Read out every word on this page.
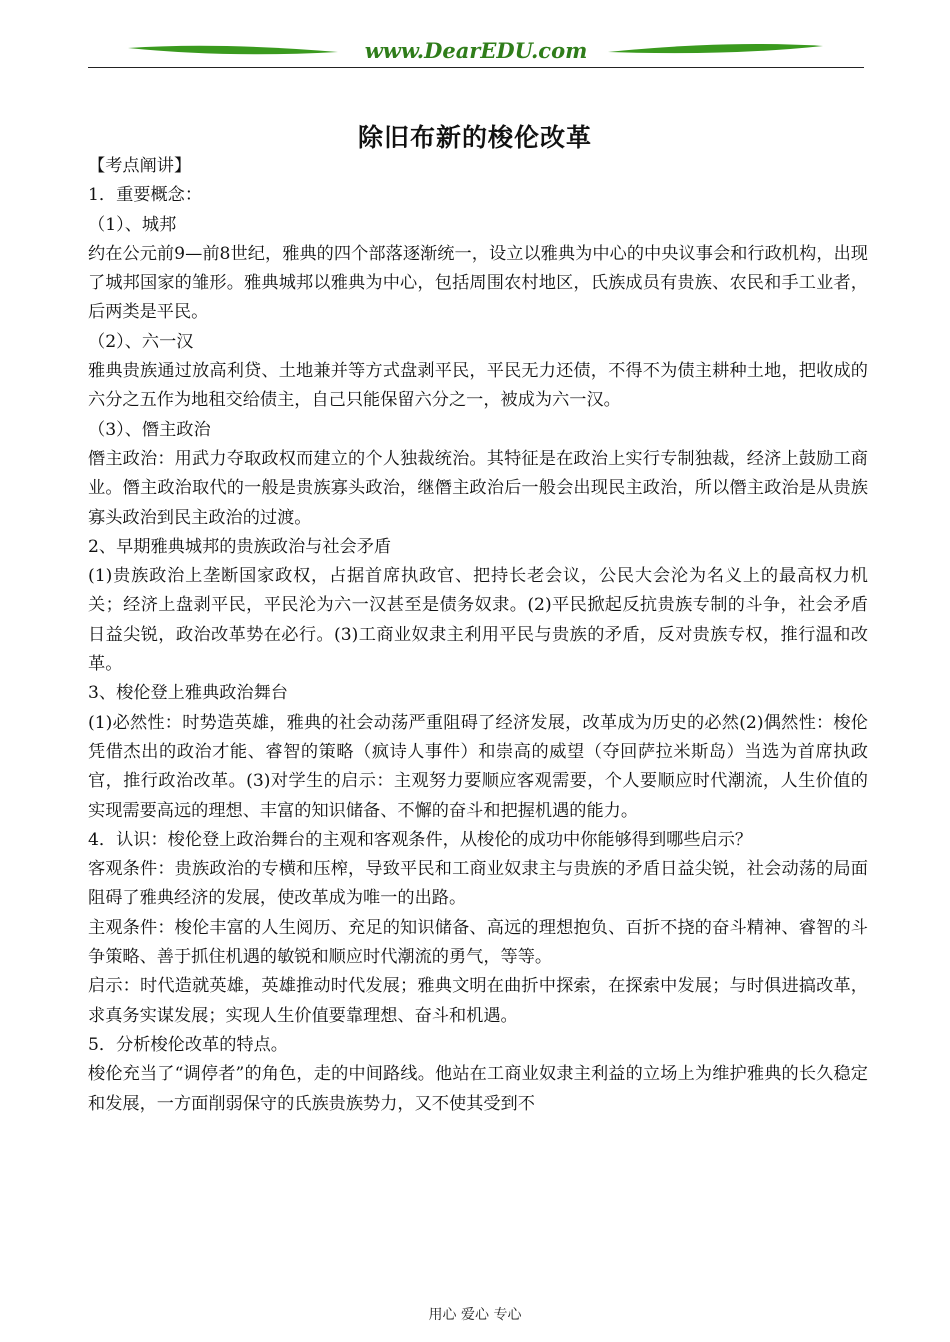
www.DearEDU.com
除旧布新的梭伦改革

【考点阐讲】

1．重要概念：

（1）、城邦

约在公元前9—前8世纪，雅典的四个部落逐渐统一，设立以雅典为中心的中央议事会和行政机构，出现了城邦国家的雏形。雅典城邦以雅典为中心，包括周围农村地区，氏族成员有贵族、农民和手工业者，后两类是平民。

（2）、六一汉

雅典贵族通过放高利贷、土地兼并等方式盘剥平民，平民无力还债，不得不为债主耕种土地，把收成的六分之五作为地租交给债主，自己只能保留六分之一，被成为六一汉。

（3）、僭主政治

僭主政治：用武力夺取政权而建立的个人独裁统治。其特征是在政治上实行专制独裁，经济上鼓励工商业。僭主政治取代的一般是贵族寡头政治，继僭主政治后一般会出现民主政治，所以僭主政治是从贵族寡头政治到民主政治的过渡。

2、早期雅典城邦的贵族政治与社会矛盾

(1)贵族政治上垄断国家政权，占据首席执政官、把持长老会议，公民大会沦为名义上的最高权力机关；经济上盘剥平民，平民沦为六一汉甚至是债务奴隶。(2)平民掀起反抗贵族专制的斗争，社会矛盾日益尖锐，政治改革势在必行。(3)工商业奴隶主利用平民与贵族的矛盾，反对贵族专权，推行温和改革。

3、梭伦登上雅典政治舞台

(1)必然性：时势造英雄，雅典的社会动荡严重阻碍了经济发展，改革成为历史的必然(2)偶然性：梭伦凭借杰出的政治才能、睿智的策略（疯诗人事件）和崇高的威望（夺回萨拉米斯岛）当选为首席执政官，推行政治改革。(3)对学生的启示：主观努力要顺应客观需要，个人要顺应时代潮流，人生价值的实现需要高远的理想、丰富的知识储备、不懈的奋斗和把握机遇的能力。

4．认识：梭伦登上政治舞台的主观和客观条件，从梭伦的成功中你能够得到哪些启示？

客观条件：贵族政治的专横和压榨，导致平民和工商业奴隶主与贵族的矛盾日益尖锐，社会动荡的局面阻碍了雅典经济的发展，使改革成为唯一的出路。

主观条件：梭伦丰富的人生阅历、充足的知识储备、高远的理想抱负、百折不挠的奋斗精神、睿智的斗争策略、善于抓住机遇的敏锐和顺应时代潮流的勇气，等等。

启示：时代造就英雄，英雄推动时代发展；雅典文明在曲折中探索，在探索中发展；与时俱进搞改革，求真务实谋发展；实现人生价值要靠理想、奋斗和机遇。

5．分析梭伦改革的特点。

梭伦充当了“调停者”的角色，走的中间路线。他站在工商业奴隶主利益的立场上为维护雅典的长久稳定和发展，一方面削弱保守的氏族贵族势力，又不使其受到不

用心 爱心 专心
